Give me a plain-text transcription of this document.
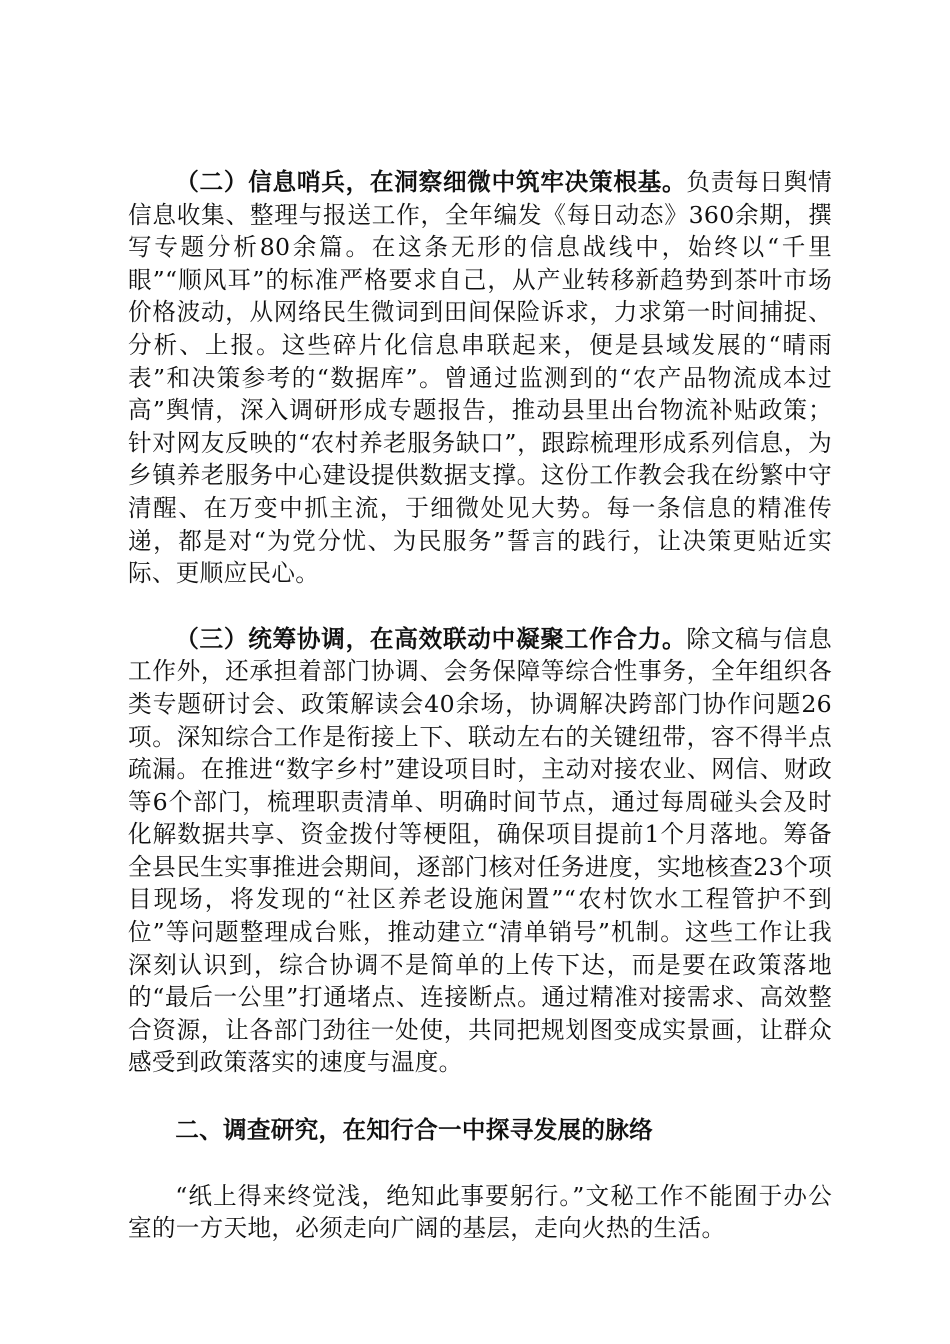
（二）信息哨兵，在洞察细微中筑牢决策根基。负责每日舆情信息收集、整理与报送工作，全年编发《每日动态》360余期，撰写专题分析80余篇。在这条无形的信息战线中，始终以“千里眼”“顺风耳”的标准严格要求自己，从产业转移新趋势到茶叶市场价格波动，从网络民生微词到田间保险诉求，力求第一时间捕捉、分析、上报。这些碎片化信息串联起来，便是县域发展的“晴雨表”和决策参考的“数据库”。曾通过监测到的“农产品物流成本过高”舆情，深入调研形成专题报告，推动县里出台物流补贴政策；针对网友反映的“农村养老服务缺口”，跟踪梳理形成系列信息，为乡镇养老服务中心建设提供数据支撑。这份工作教会我在纷繁中守清醒、在万变中抓主流，于细微处见大势。每一条信息的精准传递，都是对“为党分忧、为民服务”誓言的践行，让决策更贴近实际、更顺应民心。

（三）统筹协调，在高效联动中凝聚工作合力。除文稿与信息工作外，还承担着部门协调、会务保障等综合性事务，全年组织各类专题研讨会、政策解读会40余场，协调解决跨部门协作问题26项。深知综合工作是衔接上下、联动左右的关键纽带，容不得半点疏漏。在推进“数字乡村”建设项目时，主动对接农业、网信、财政等6个部门，梳理职责清单、明确时间节点，通过每周碰头会及时化解数据共享、资金拨付等梗阻，确保项目提前1个月落地。筹备全县民生实事推进会期间，逐部门核对任务进度，实地核查23个项目现场，将发现的“社区养老设施闲置”“农村饮水工程管护不到位”等问题整理成台账，推动建立“清单销号”机制。这些工作让我深刻认识到，综合协调不是简单的上传下达，而是要在政策落地的“最后一公里”打通堵点、连接断点。通过精准对接需求、高效整合资源，让各部门劲往一处使，共同把规划图变成实景画，让群众感受到政策落实的速度与温度。

二、调查研究，在知行合一中探寻发展的脉络

“纸上得来终觉浅，绝知此事要躬行。”文秘工作不能囿于办公室的一方天地，必须走向广阔的基层，走向火热的生活。
